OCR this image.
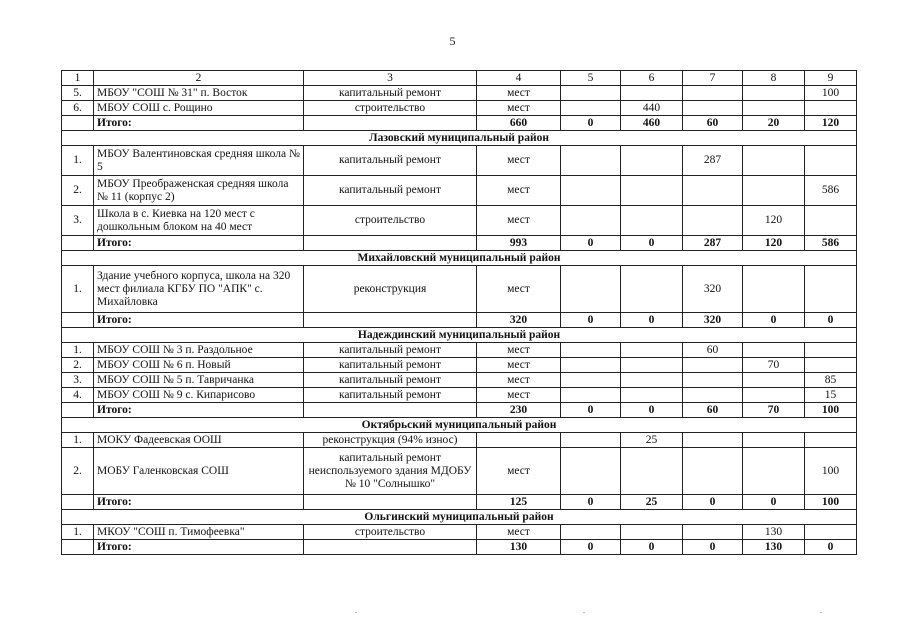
5
1	2	3	4	5	6	7	8	9
5.	МБОУ "СОШ № 31" п. Восток	капитальный ремонт	мест					100
6.	МБОУ СОШ с. Рощино	строительство	мест		440			
	Итого:		660	0	460	60	20	120
Лазовский муниципальный район								
1.	МБОУ Валентиновская средняя школа № 5	капитальный ремонт	мест			287		
2.	МБОУ Преображенская средняя школа № 11 (корпус 2)	капитальный ремонт	мест					586
3.	Школа в с. Киевка на 120 мест с дошкольным блоком на 40 мест	строительство	мест				120	
	Итого:		993	0	0	287	120	586
Михайловский муниципальный район								
1.	Здание учебного корпуса, школа на 320 мест филиала КГБУ ПО "АПК" с. Михайловка	реконструкция	мест			320		
	Итого:		320	0	0	320	0	0
Надеждинский муниципальный район								
1.	МБОУ СОШ № 3 п. Раздольное	капитальный ремонт	мест			60		
2.	МБОУ СОШ № 6 п. Новый	капитальный ремонт	мест				70	
3.	МБОУ СОШ № 5 п. Тавричанка	капитальный ремонт	мест					85
4.	МБОУ СОШ № 9 с. Кипарисово	капитальный ремонт	мест					15
	Итого:		230	0	0	60	70	100
Октябрьский муниципальный район								
1.	МОКУ Фадеевская ООШ	реконструкция (94% износ)			25			
2.	МОБУ Галенковская СОШ	капитальный ремонт неиспользуемого здания МДОБУ № 10 "Солнышко"	мест					100
	Итого:		125	0	25	0	0	100
Ольгинский муниципальный район								
1.	МКОУ "СОШ п. Тимофеевка"	строительство	мест				130	
	Итого:		130	0	0	0	130	0
